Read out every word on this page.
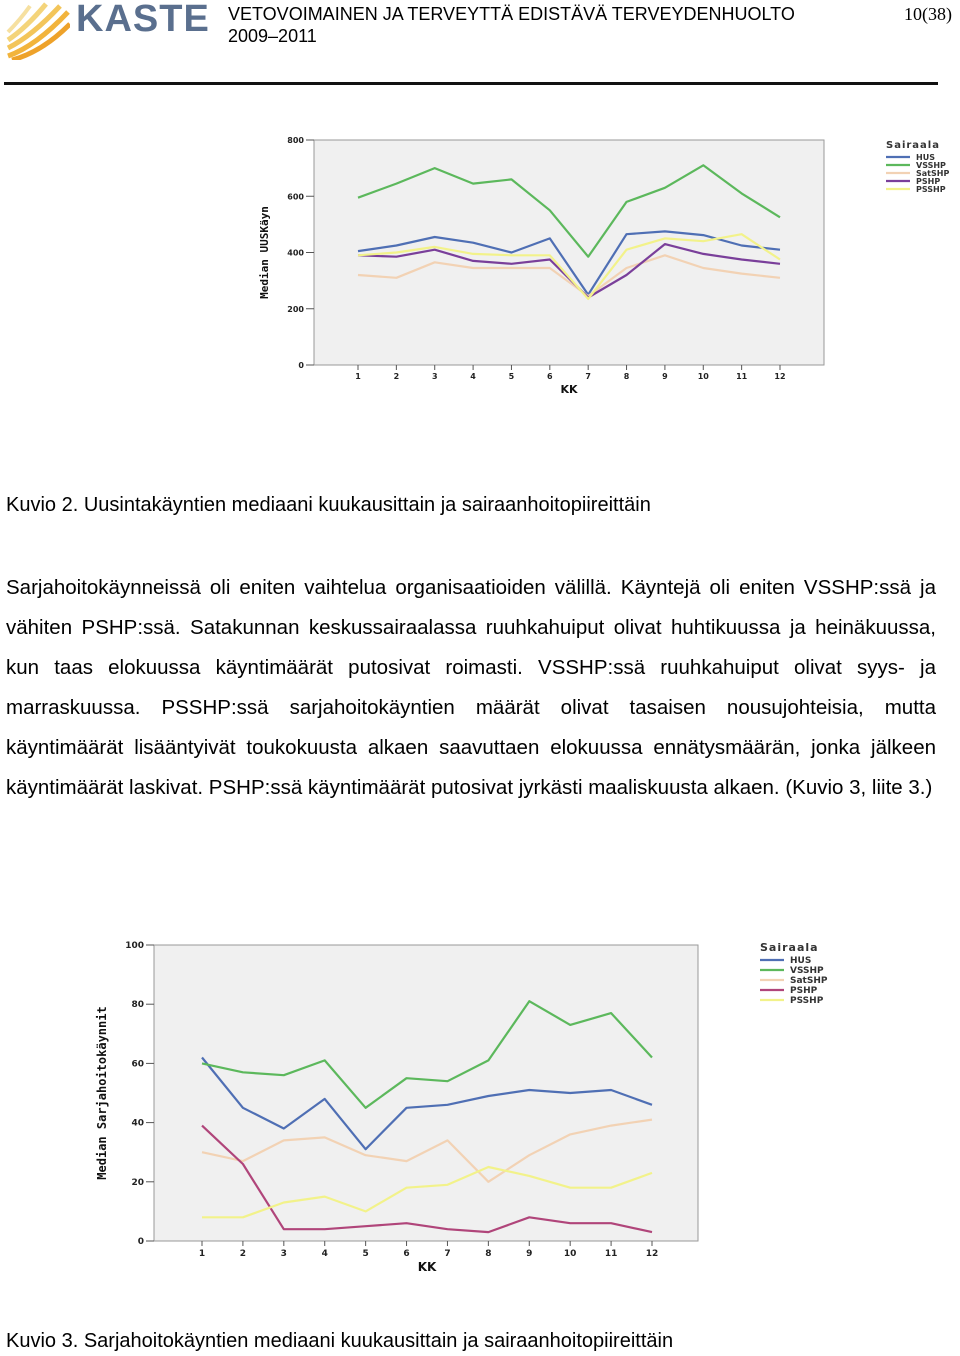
KASTE VETOVOIMAINEN JA TERVEYTTÄ EDISTÄVÄ TERVEYDENHUOLTO
2009–2011
10(38)
0
200
400
600
800
1	2	3	4	5	6	7	8	9	10	11	12
KK
Median UUSKäyn
Sairaala
HUS
VSSHP
SatSHP
PSHP
PSSHP
Kuvio 2. Uusintakäyntien mediaani kuukausittain ja sairaanhoitopiireittäin

Sarjahoitokäynneissä oli eniten vaihtelua organisaatioiden välillä. Käyntejä oli eniten VSSHP:ssä ja vähiten PSHP:ssä. Satakunnan keskussairaalassa ruuhkahuiput olivat huhtikuussa ja heinäkuussa, kun taas elokuussa käyntimäärät putosivat roimasti. VSSHP:ssä ruuhkahuiput olivat syys- ja marraskuussa. PSSHP:ssä sarjahoitokäyntien määrät olivat tasaisen nousujohteisia, mutta käyntimäärät lisääntyivät toukokuusta alkaen saavuttaen elokuussa ennätysmäärän, jonka jälkeen käyntimäärät laskivat. PSHP:ssä käyntimäärät putosivat jyrkästi maaliskuusta alkaen. (Kuvio 3, liite 3.)

0
20
40
60
80
100
1	2	3	4	5	6	7	8	9	10	11	12
KK
Median Sarjahoitokäynnit
Sairaala
HUS
VSSHP
SatSHP
PSHP
PSSHP
Kuvio 3. Sarjahoitokäyntien mediaani kuukausittain ja sairaanhoitopiireittäin
